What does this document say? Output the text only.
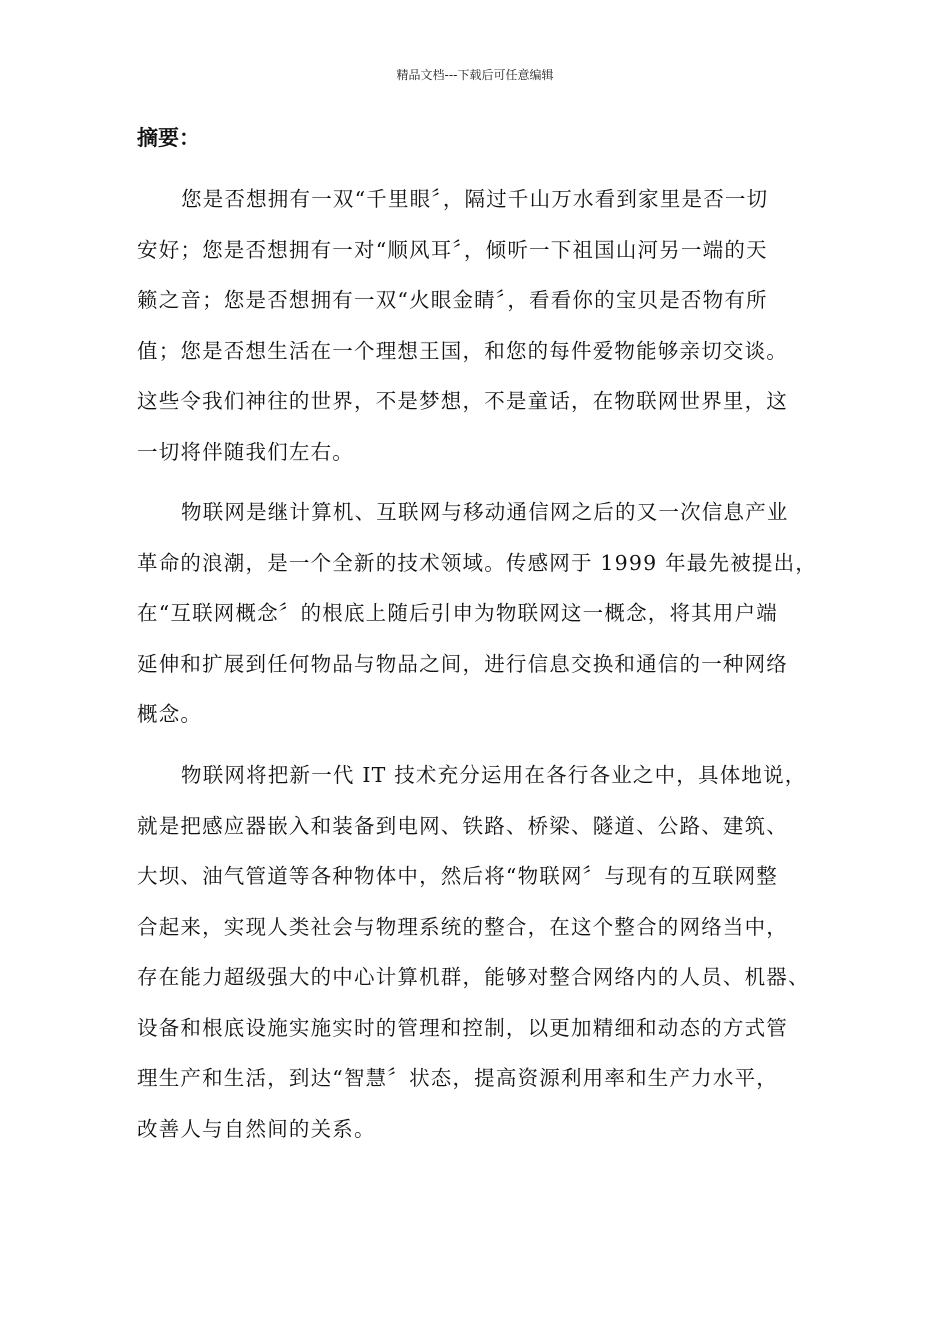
精品文档---下载后可任意编辑
摘要：
您是否想拥有一双“千里眼〞，隔过千山万水看到家里是否一切
安好；您是否想拥有一对“顺风耳〞，倾听一下祖国山河另一端的天
籁之音；您是否想拥有一双“火眼金睛〞，看看你的宝贝是否物有所
值；您是否想生活在一个理想王国，和您的每件爱物能够亲切交谈。
这些令我们神往的世界，不是梦想，不是童话，在物联网世界里，这
一切将伴随我们左右。
物联网是继计算机、互联网与移动通信网之后的又一次信息产业
革命的浪潮，是一个全新的技术领域。传感网于 1999 年最先被提出，
在“互联网概念〞的根底上随后引申为物联网这一概念，将其用户端
延伸和扩展到任何物品与物品之间，进行信息交换和通信的一种网络
概念。
物联网将把新一代 IT 技术充分运用在各行各业之中，具体地说，
就是把感应器嵌入和装备到电网、铁路、桥梁、隧道、公路、建筑、
大坝、油气管道等各种物体中，然后将“物联网〞与现有的互联网整
合起来，实现人类社会与物理系统的整合，在这个整合的网络当中，
存在能力超级强大的中心计算机群，能够对整合网络内的人员、机器、
设备和根底设施实施实时的管理和控制，以更加精细和动态的方式管
理生产和生活，到达“智慧〞状态，提高资源利用率和生产力水平，
改善人与自然间的关系。
